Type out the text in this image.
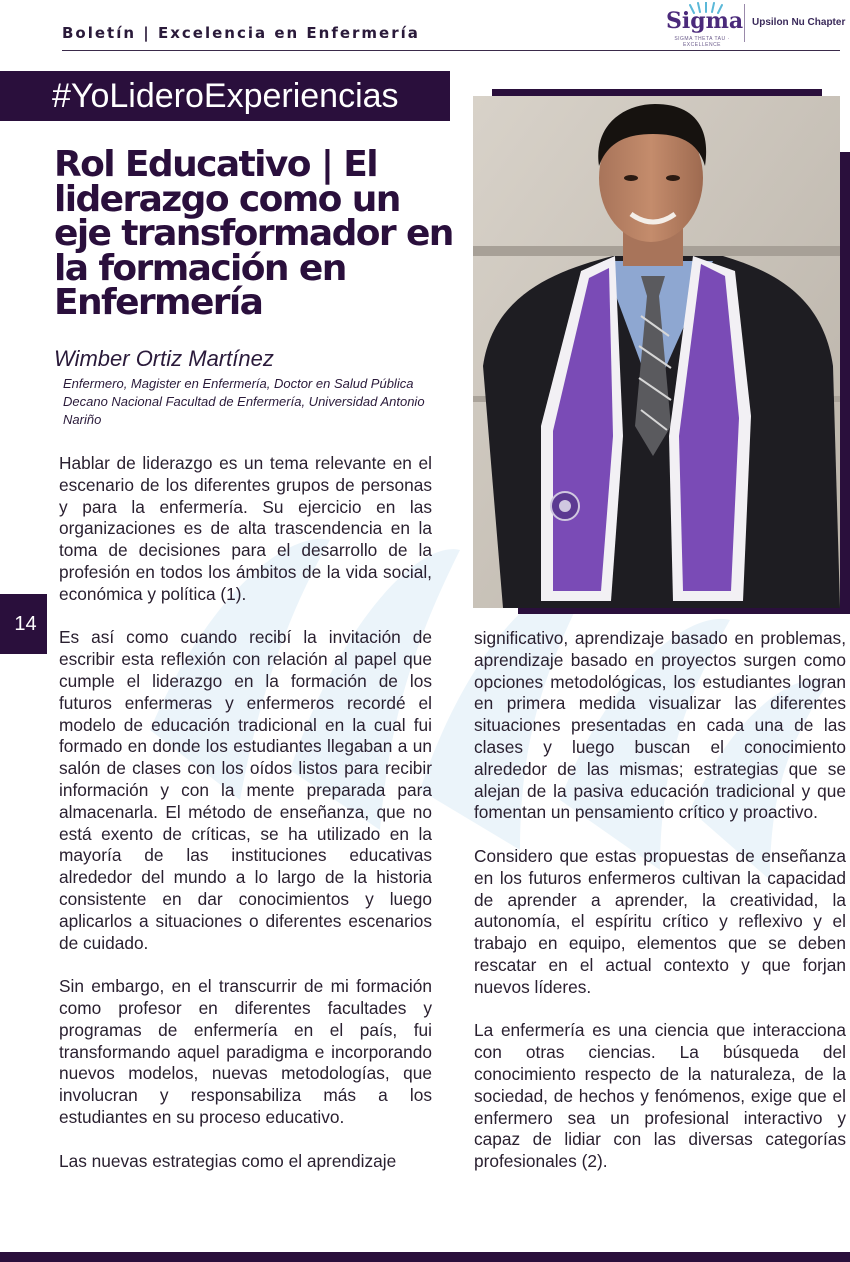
Boletín | Excelencia en Enfermería	Sigma
SIGMA THETA TAU · EXCELLENCE
Upsilon Nu Chapter
#YoLideroExperiencias
Rol Educativo | El liderazgo como un eje transformador en la formación en Enfermería
Wimber Ortiz Martínez
Enfermero, Magister en Enfermería, Doctor en Salud Pública
Decano Nacional Facultad de Enfermería, Universidad Antonio Nariño
14

Hablar de liderazgo es un tema relevante en el escenario de los diferentes grupos de personas y para la enfermería. Su ejercicio en las organizaciones es de alta trascendencia en la toma de decisiones para el desarrollo de la profesión en todos los ámbitos de la vida social, económica y política (1).

Es así como cuando recibí la invitación de escribir esta reflexión con relación al papel que cumple el liderazgo en la formación de los futuros enfermeras y enfermeros recordé el modelo de educación tradicional en la cual fui formado en donde los estudiantes llegaban a un salón de clases con los oídos listos para recibir información y con la mente preparada para almacenarla. El método de enseñanza, que no está exento de críticas, se ha utilizado en la mayoría de las instituciones educativas alrededor del mundo a lo largo de la historia consistente en dar conocimientos y luego aplicarlos a situaciones o diferentes escenarios de cuidado.

Sin embargo, en el transcurrir de mi formación como profesor en diferentes facultades y programas de enfermería en el país, fui transformando aquel paradigma e incorporando nuevos modelos, nuevas metodologías, que involucran y responsabiliza más a los estudiantes en su proceso educativo.

Las nuevas estrategias como el aprendizaje

significativo, aprendizaje basado en problemas, aprendizaje basado en proyectos surgen como opciones metodológicas, los estudiantes logran en primera medida visualizar las diferentes situaciones presentadas en cada una de las clases y luego buscan el conocimiento alrededor de las mismas; estrategias que se alejan de la pasiva educación tradicional y que fomentan un pensamiento crítico y proactivo.

Considero que estas propuestas de enseñanza en los futuros enfermeros cultivan la capacidad de aprender a aprender, la creatividad, la autonomía, el espíritu crítico y reflexivo y el trabajo en equipo, elementos que se deben rescatar en el actual contexto y que forjan nuevos líderes.

La enfermería es una ciencia que interacciona con otras ciencias. La búsqueda del conocimiento respecto de la naturaleza, de la sociedad, de hechos y fenómenos, exige que el enfermero sea un profesional interactivo y capaz de lidiar con las diversas categorías profesionales (2).
